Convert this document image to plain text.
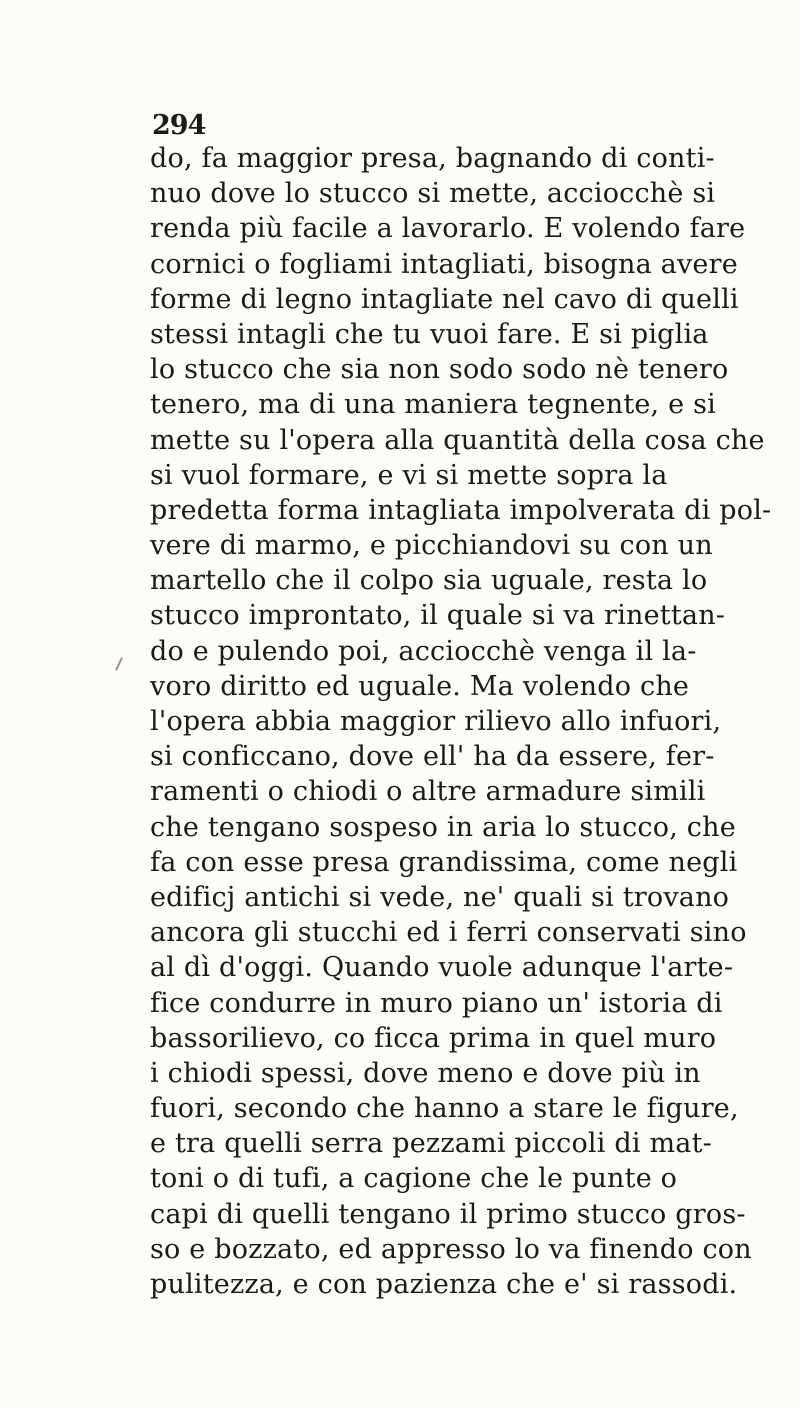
294
do, fa maggior presa, bagnando di conti-
nuo dove lo stucco si mette, acciocchè si
renda più facile a lavorarlo. E volendo fare
cornici o fogliami intagliati, bisogna avere
forme di legno intagliate nel cavo di quelli
stessi intagli che tu vuoi fare. E si piglia
lo stucco che sia non sodo sodo nè tenero
tenero, ma di una maniera tegnente, e si
mette su l'opera alla quantità della cosa che
si vuol formare, e vi si mette sopra la
predetta forma intagliata impolverata di pol-
vere di marmo, e picchiandovi su con un
martello che il colpo sia uguale, resta lo
stucco improntato, il quale si va rinettan-
do e pulendo poi, acciocchè venga il la-
voro diritto ed uguale. Ma volendo che
l'opera abbia maggior rilievo allo infuori,
si conficcano, dove ell' ha da essere, fer-
ramenti o chiodi o altre armadure simili
che tengano sospeso in aria lo stucco, che
fa con esse presa grandissima, come negli
edificj antichi si vede, ne' quali si trovano
ancora gli stucchi ed i ferri conservati sino
al dì d'oggi. Quando vuole adunque l'arte-
fice condurre in muro piano un' istoria di
bassorilievo, co ficca prima in quel muro
i chiodi spessi, dove meno e dove più in
fuori, secondo che hanno a stare le figure,
e tra quelli serra pezzami piccoli di mat-
toni o di tufi, a cagione che le punte o
capi di quelli tengano il primo stucco gros-
so e bozzato, ed appresso lo va finendo con
pulitezza, e con pazienza che e' si rassodi.
